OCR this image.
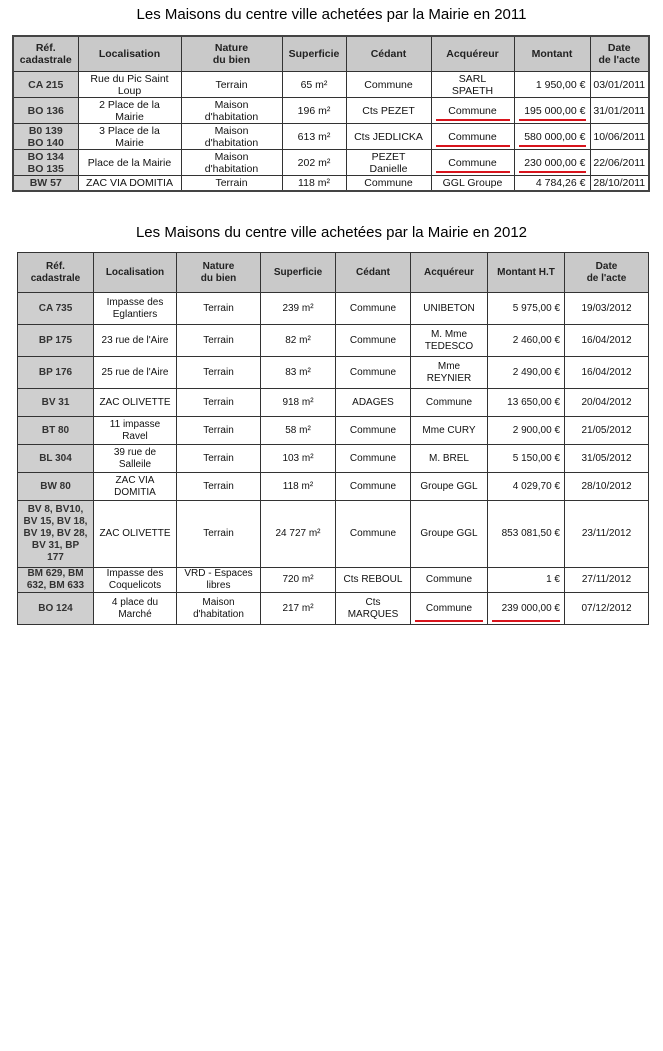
Les Maisons du centre ville achetées par la Mairie en 2011
Réf.
cadastrale	Localisation	Nature
du bien	Superficie	Cédant	Acquéreur	Montant	Date
de l'acte

CA 215	Rue du Pic Saint
Loup	Terrain	65 m²	Commune	SARL
SPAETH	1 950,00 €	03/01/2011

BO 136	2 Place de la
Mairie	Maison
d'habitation	196 m²	Cts PEZET	Commune	195 000,00 €	31/01/2011

B0 139
BO 140	3 Place de la
Mairie	Maison
d'habitation	613 m²	Cts JEDLICKA	Commune	580 000,00 €	10/06/2011

BO 134
BO 135	Place de la Mairie	Maison
d'habitation	202 m²	PEZET
Danielle	Commune	230 000,00 €	22/06/2011

BW 57	ZAC VIA DOMITIA	Terrain	118 m²	Commune	GGL Groupe	4 784,26 €	28/10/2011
Les Maisons du centre ville achetées par la Mairie en 2012
Réf.
cadastrale	Localisation	Nature
du bien	Superficie	Cédant	Acquéreur	Montant H.T	Date
de l'acte

CA 735	Impasse des
Eglantiers	Terrain	239 m²	Commune	UNIBETON	5 975,00 €	19/03/2012

BP 175	23 rue de l'Aire	Terrain	82 m²	Commune	M. Mme
TEDESCO	2 460,00 €	16/04/2012

BP 176	25 rue de l'Aire	Terrain	83 m²	Commune	Mme
REYNIER	2 490,00 €	16/04/2012

BV 31	ZAC OLIVETTE	Terrain	918 m²	ADAGES	Commune	13 650,00 €	20/04/2012

BT 80	11 impasse
Ravel	Terrain	58 m²	Commune	Mme CURY	2 900,00 €	21/05/2012

BL 304	39 rue de
Salleile	Terrain	103 m²	Commune	M. BREL	5 150,00 €	31/05/2012

BW 80	ZAC VIA
DOMITIA	Terrain	118 m²	Commune	Groupe GGL	4 029,70 €	28/10/2012

BV 8, BV10,
BV 15, BV 18,
BV 19, BV 28,
BV 31, BP
177	ZAC OLIVETTE	Terrain	24 727 m²	Commune	Groupe GGL	853 081,50 €	23/11/2012

BM 629, BM
632, BM 633	Impasse des
Coquelicots	VRD - Espaces
libres	720 m²	Cts REBOUL	Commune	1 €	27/11/2012

BO 124	4 place du
Marché	Maison
d'habitation	217 m²	Cts
MARQUES	Commune	239 000,00 €	07/12/2012
